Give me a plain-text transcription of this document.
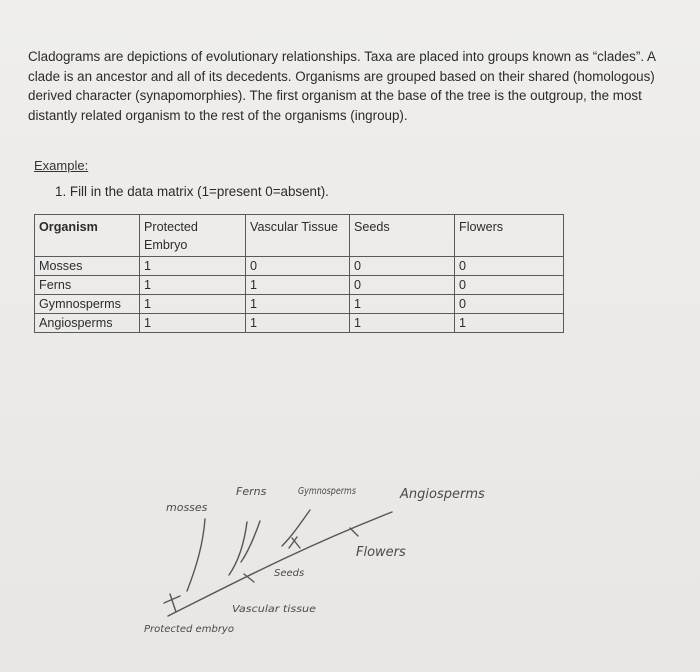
Cladograms are depictions of evolutionary relationships. Taxa are placed into groups known as “clades”. A clade is an ancestor and all of its decedents. Organisms are grouped based on their shared (homologous) derived character (synapomorphies). The first organism at the base of the tree is the outgroup, the most distantly related organism to the rest of the organisms (ingroup).

Example:
1. Fill in the data matrix (1=present 0=absent).
Organism	Protected Embryo	Vascular Tissue	Seeds	Flowers
Mosses	1	0	0	0
Ferns	1	1	0	0
Gymnosperms	1	1	1	0
Angiosperms	1	1	1	1
mosses
Ferns	Gymnosperms	Angiosperms
Protected embryo
Vascular tissue
Seeds
Flowers
